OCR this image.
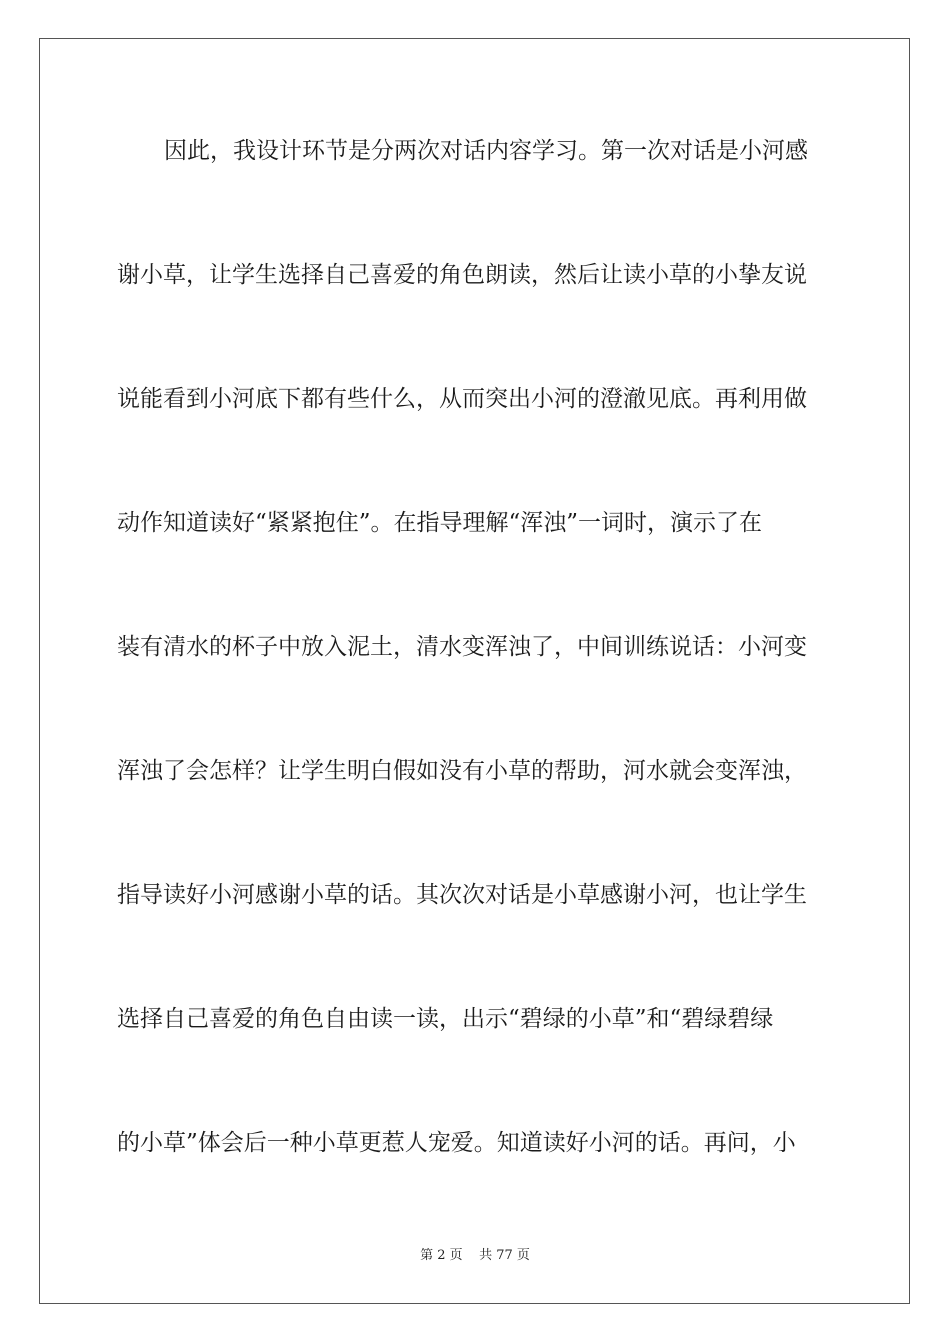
因此，我设计环节是分两次对话内容学习。第一次对话是小河感
谢小草，让学生选择自己喜爱的角色朗读，然后让读小草的小挚友说
说能看到小河底下都有些什么，从而突出小河的澄澈见底。再利用做
动作知道读好“紧紧抱住”。在指导理解“浑浊”一词时，演示了在
装有清水的杯子中放入泥土，清水变浑浊了，中间训练说话：小河变
浑浊了会怎样？让学生明白假如没有小草的帮助，河水就会变浑浊，
指导读好小河感谢小草的话。其次次对话是小草感谢小河，也让学生
选择自己喜爱的角色自由读一读，出示“碧绿的小草”和“碧绿碧绿
的小草”体会后一种小草更惹人宠爱。知道读好小河的话。再问，小
第 2 页    共 77 页
